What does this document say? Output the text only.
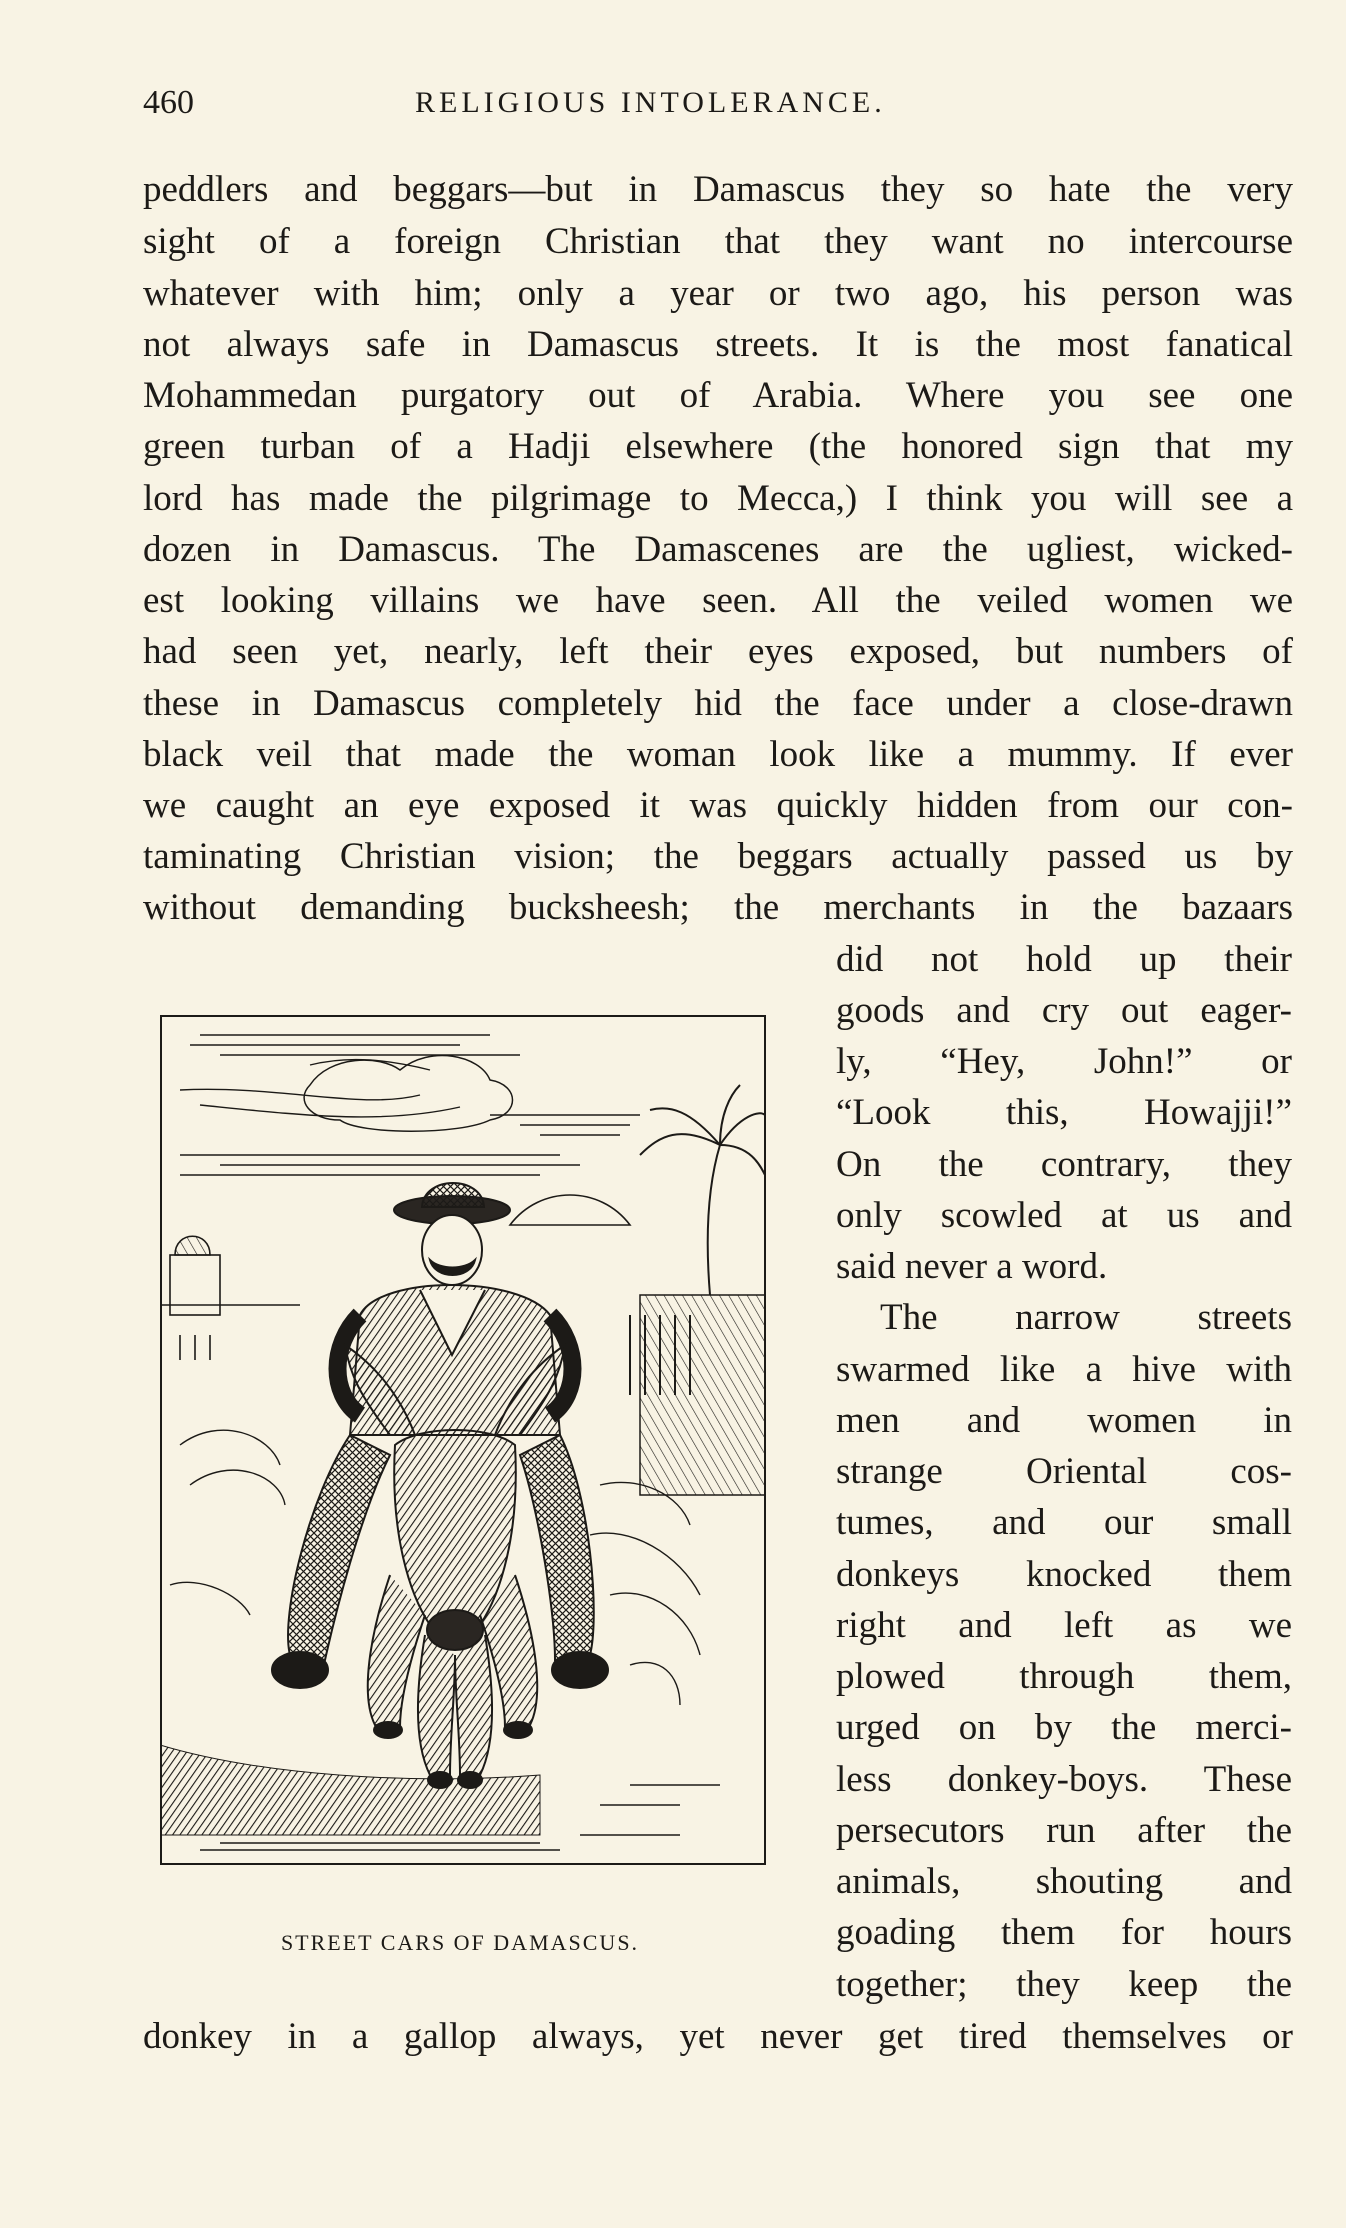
460	RELIGIOUS INTOLERANCE.
peddlers and beggars—but in Damascus they so hate the very
sight of a foreign Christian that they want no intercourse
whatever with him; only a year or two ago, his person was
not always safe in Damascus streets. It is the most fanatical
Mohammedan purgatory out of Arabia. Where you see one
green turban of a Hadji elsewhere (the honored sign that my
lord has made the pilgrimage to Mecca,) I think you will see a
dozen in Damascus. The Damascenes are the ugliest, wicked-
est looking villains we have seen. All the veiled women we
had seen yet, nearly, left their eyes exposed, but numbers of
these in Damascus completely hid the face under a close-drawn
black veil that made the woman look like a mummy. If ever
we caught an eye exposed it was quickly hidden from our con-
taminating Christian vision; the beggars actually passed us by
without demanding bucksheesh; the merchants in the bazaars
did not hold up their
goods and cry out eager-
ly, “Hey, John!” or
“Look this, Howajji!”
On the contrary, they
only scowled at us and
said never a word.
The narrow streets
swarmed like a hive with
men and women in
strange Oriental cos-
tumes, and our small
donkeys knocked them
right and left as we
plowed through them,
urged on by the merci-
less donkey-boys. These
persecutors run after the
animals, shouting and
goading them for hours
together; they keep the
donkey in a gallop always, yet never get tired themselves or
STREET CARS OF DAMASCUS.
